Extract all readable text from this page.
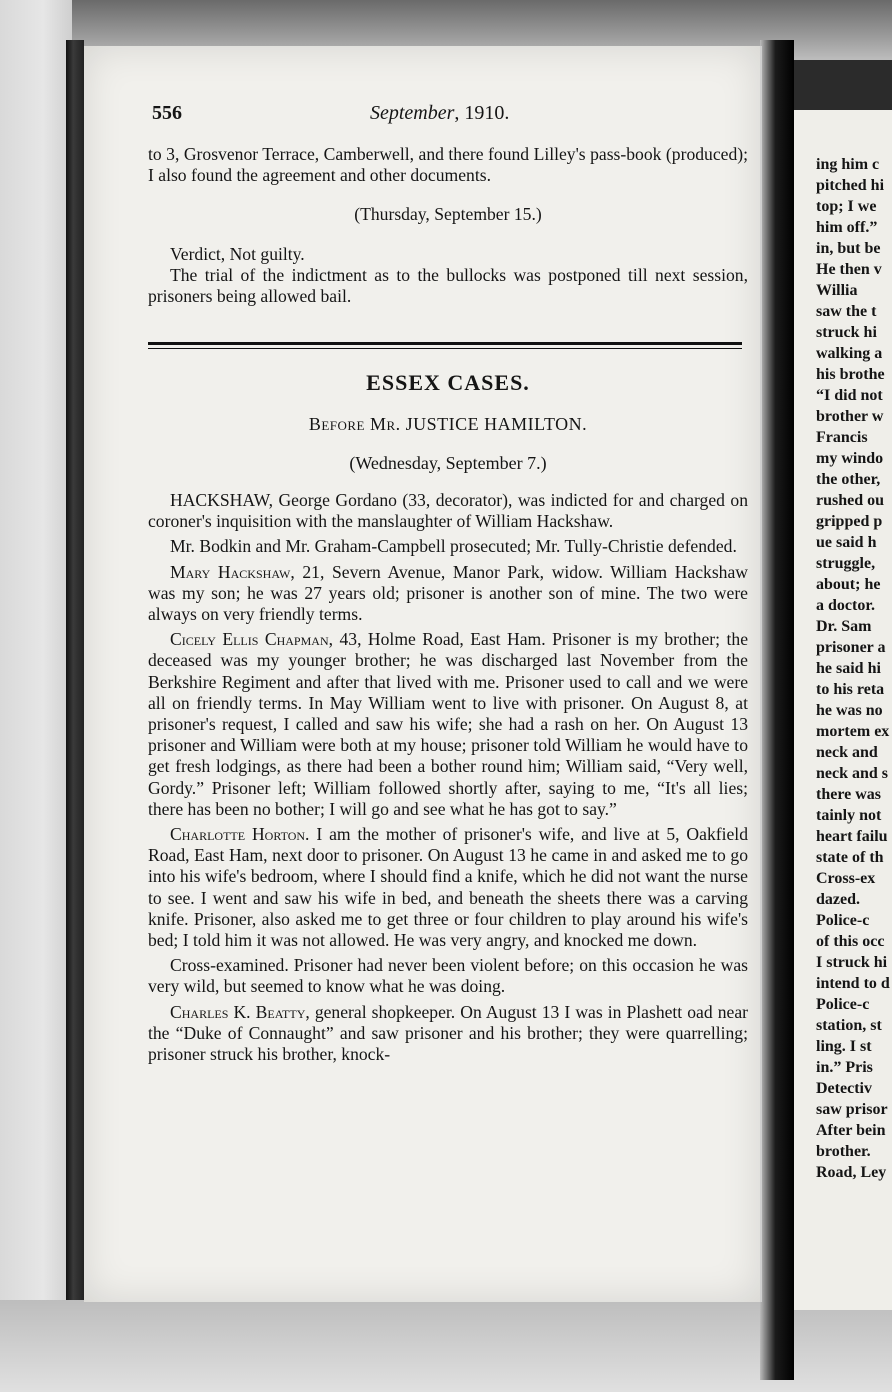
556	September, 1910.

to 3, Grosvenor Terrace, Camberwell, and there found Lilley's pass-book (produced); I also found the agreement and other documents.

(Thursday, September 15.)

Verdict, Not guilty.

The trial of the indictment as to the bullocks was postponed till next session, prisoners being allowed bail.

ESSEX CASES.

Before Mr. JUSTICE HAMILTON.

(Wednesday, September 7.)

HACKSHAW, George Gordano (33, decorator), was indicted for and charged on coroner's inquisition with the manslaughter of William Hackshaw.

Mr. Bodkin and Mr. Graham-Campbell prosecuted; Mr. Tully-Christie defended.

Mary Hackshaw, 21, Severn Avenue, Manor Park, widow. William Hackshaw was my son; he was 27 years old; prisoner is another son of mine. The two were always on very friendly terms.

Cicely Ellis Chapman, 43, Holme Road, East Ham. Prisoner is my brother; the deceased was my younger brother; he was discharged last November from the Berkshire Regiment and after that lived with me. Prisoner used to call and we were all on friendly terms. In May William went to live with prisoner. On August 8, at prisoner's request, I called and saw his wife; she had a rash on her. On August 13 prisoner and William were both at my house; prisoner told William he would have to get fresh lodgings, as there had been a bother round him; William said, “Very well, Gordy.” Prisoner left; William followed shortly after, saying to me, “It's all lies; there has been no bother; I will go and see what he has got to say.”

Charlotte Horton. I am the mother of prisoner's wife, and live at 5, Oakfield Road, East Ham, next door to prisoner. On August 13 he came in and asked me to go into his wife's bedroom, where I should find a knife, which he did not want the nurse to see. I went and saw his wife in bed, and beneath the sheets there was a carving knife. Prisoner, also asked me to get three or four children to play around his wife's bed; I told him it was not allowed. He was very angry, and knocked me down.

Cross-examined. Prisoner had never been violent before; on this occasion he was very wild, but seemed to know what he was doing.

Charles K. Beatty, general shopkeeper. On August 13 I was in Plashett oad near the “Duke of Connaught” and saw prisoner and his brother; they were quarrelling; prisoner struck his brother, knock-

ing him c
pitched hi
top; I we
him off.”
in, but be
He then v
Willia
saw the t
struck hi
walking a
his brothe
“I did not
brother w
Francis
my windo
the other,
rushed ou
gripped p
ue said h
struggle,
about; he
a doctor.
Dr. Sam
prisoner a
he said hi
to his reta
he was no
mortem ex
neck and
neck and s
there was
tainly not
heart failu
state of th
Cross-ex
dazed.
Police-c
of this occ
I struck hi
intend to d
Police-c
station, st
ling. I st
in.” Pris
Detectiv
saw prisor
After bein
brother.
Road, Ley
